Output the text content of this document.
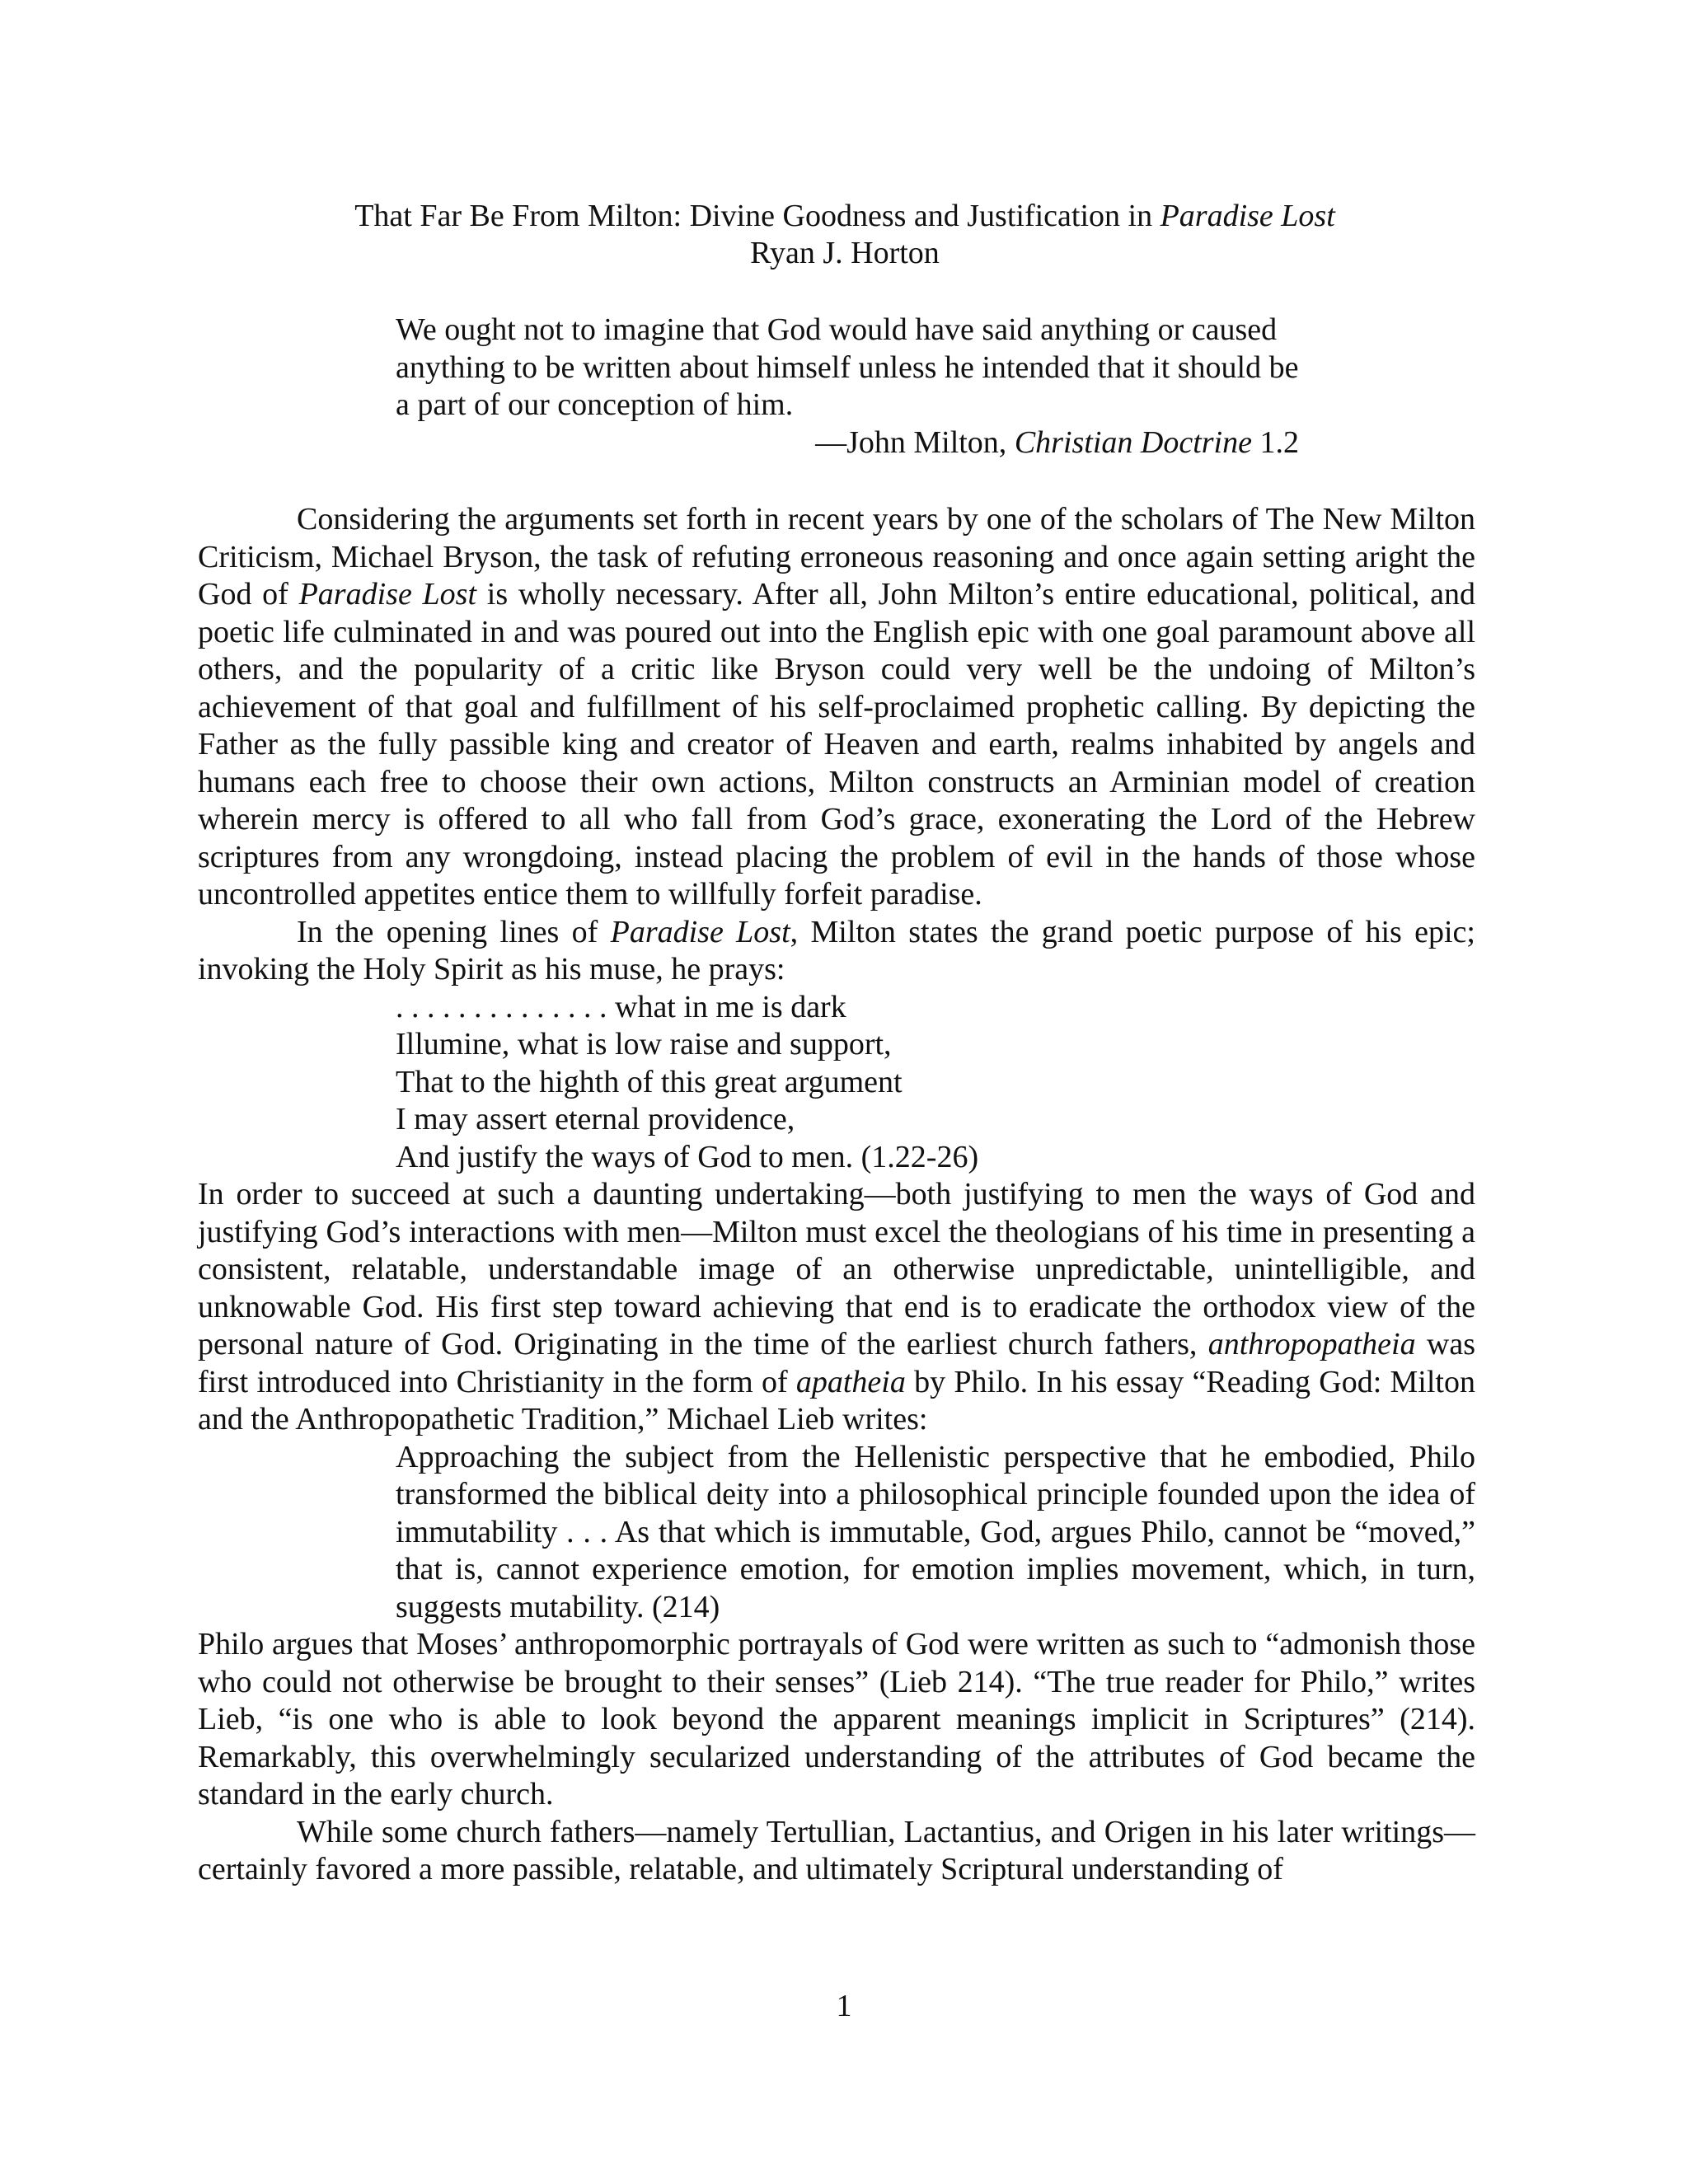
That Far Be From Milton: Divine Goodness and Justification in Paradise Lost
Ryan J. Horton

We ought not to imagine that God would have said anything or caused anything to be written about himself unless he intended that it should be a part of our conception of him.

—John Milton, Christian Doctrine 1.2

Considering the arguments set forth in recent years by one of the scholars of The New Milton Criticism, Michael Bryson, the task of refuting erroneous reasoning and once again setting aright the God of Paradise Lost is wholly necessary. After all, John Milton’s entire educational, political, and poetic life culminated in and was poured out into the English epic with one goal paramount above all others, and the popularity of a critic like Bryson could very well be the undoing of Milton’s achievement of that goal and fulfillment of his self-proclaimed prophetic calling. By depicting the Father as the fully passible king and creator of Heaven and earth, realms inhabited by angels and humans each free to choose their own actions, Milton constructs an Arminian model of creation wherein mercy is offered to all who fall from God’s grace, exonerating the Lord of the Hebrew scriptures from any wrongdoing, instead placing the problem of evil in the hands of those whose uncontrolled appetites entice them to willfully forfeit paradise.

In the opening lines of Paradise Lost, Milton states the grand poetic purpose of his epic; invoking the Holy Spirit as his muse, he prays:

. . . . . . . . . . . . . . what in me is dark
Illumine, what is low raise and support,
That to the highth of this great argument
I may assert eternal providence,
And justify the ways of God to men. (1.22-26)

In order to succeed at such a daunting undertaking—both justifying to men the ways of God and justifying God’s interactions with men—Milton must excel the theologians of his time in presenting a consistent, relatable, understandable image of an otherwise unpredictable, unintelligible, and unknowable God. His first step toward achieving that end is to eradicate the orthodox view of the personal nature of God. Originating in the time of the earliest church fathers, anthropopatheia was first introduced into Christianity in the form of apatheia by Philo. In his essay “Reading God: Milton and the Anthropopathetic Tradition,” Michael Lieb writes:

Approaching the subject from the Hellenistic perspective that he embodied, Philo transformed the biblical deity into a philosophical principle founded upon the idea of immutability . . . As that which is immutable, God, argues Philo, cannot be “moved,” that is, cannot experience emotion, for emotion implies movement, which, in turn, suggests mutability. (214)

Philo argues that Moses’ anthropomorphic portrayals of God were written as such to “admonish those who could not otherwise be brought to their senses” (Lieb 214). “The true reader for Philo,” writes Lieb, “is one who is able to look beyond the apparent meanings implicit in Scriptures” (214). Remarkably, this overwhelmingly secularized understanding of the attributes of God became the standard in the early church.

While some church fathers—namely Tertullian, Lactantius, and Origen in his later writings—certainly favored a more passible, relatable, and ultimately Scriptural understanding of

1
